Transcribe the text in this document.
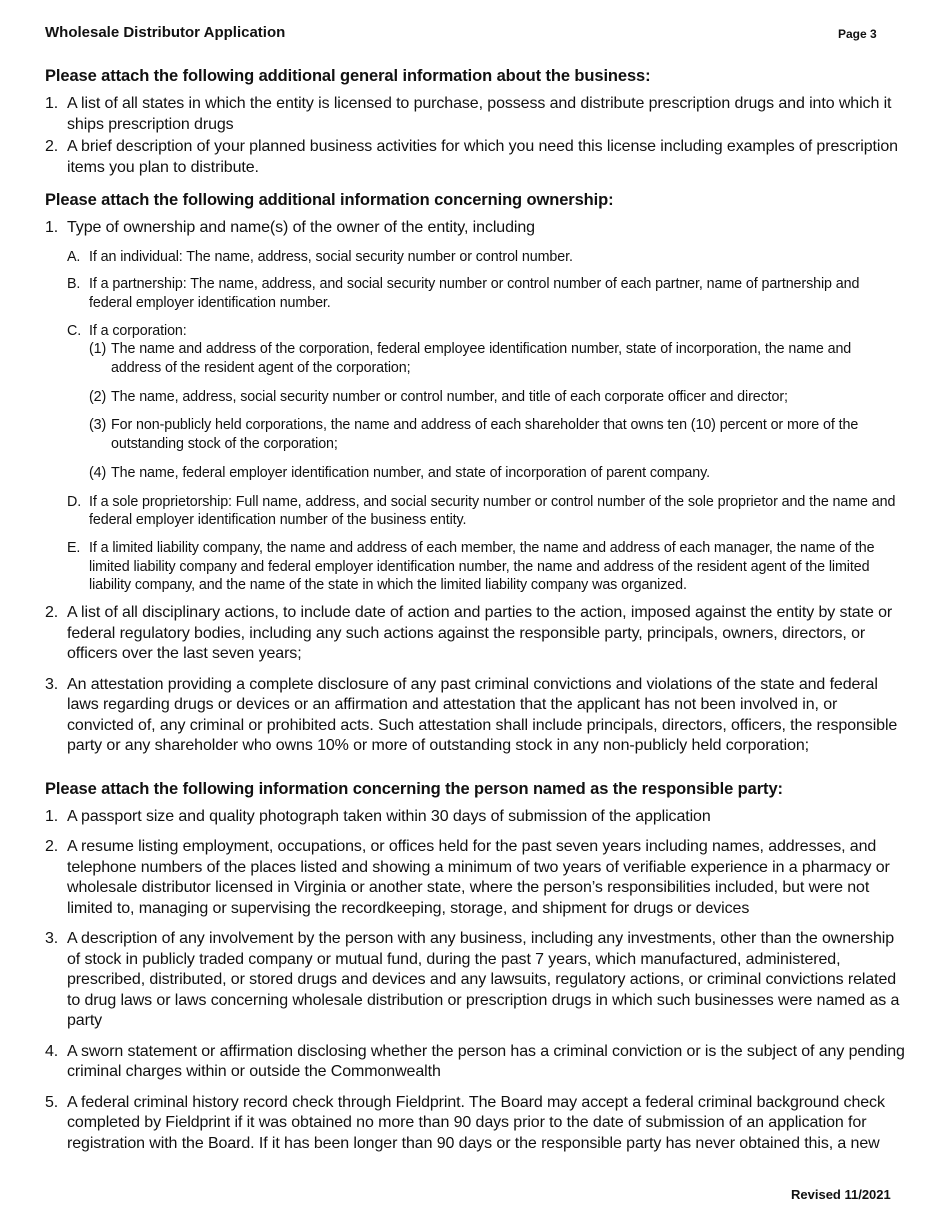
Wholesale Distributor Application	Page 3
Please attach the following additional general information about the business:
1. A list of all states in which the entity is licensed to purchase, possess and distribute prescription drugs and into which it ships prescription drugs
2. A brief description of your planned business activities for which you need this license including examples of prescription items you plan to distribute.
Please attach the following additional information concerning ownership:
1. Type of ownership and name(s) of the owner of the entity, including
A. If an individual: The name, address, social security number or control number.
B. If a partnership: The name, address, and social security number or control number of each partner, name of partnership and federal employer identification number.
C. If a corporation:
(1) The name and address of the corporation, federal employee identification number, state of incorporation, the name and address of the resident agent of the corporation;
(2) The name, address, social security number or control number, and title of each corporate officer and director;
(3) For non-publicly held corporations, the name and address of each shareholder that owns ten (10) percent or more of the outstanding stock of the corporation;
(4) The name, federal employer identification number, and state of incorporation of parent company.
D. If a sole proprietorship: Full name, address, and social security number or control number of the sole proprietor and the name and federal employer identification number of the business entity.
E. If a limited liability company, the name and address of each member, the name and address of each manager, the name of the limited liability company and federal employer identification number, the name and address of the resident agent of the limited liability company, and the name of the state in which the limited liability company was organized.
2. A list of all disciplinary actions, to include date of action and parties to the action, imposed against the entity by state or federal regulatory bodies, including any such actions against the responsible party, principals, owners, directors, or officers over the last seven years;
3. An attestation providing a complete disclosure of any past criminal convictions and violations of the state and federal laws regarding drugs or devices or an affirmation and attestation that the applicant has not been involved in, or convicted of, any criminal or prohibited acts. Such attestation shall include principals, directors, officers, the responsible party or any shareholder who owns 10% or more of outstanding stock in any non-publicly held corporation;
Please attach the following information concerning the person named as the responsible party:
1. A passport size and quality photograph taken within 30 days of submission of the application
2. A resume listing employment, occupations, or offices held for the past seven years including names, addresses, and telephone numbers of the places listed and showing a minimum of two years of verifiable experience in a pharmacy or wholesale distributor licensed in Virginia or another state, where the person’s responsibilities included, but were not limited to, managing or supervising the recordkeeping, storage, and shipment for drugs or devices
3. A description of any involvement by the person with any business, including any investments, other than the ownership of stock in publicly traded company or mutual fund, during the past 7 years, which manufactured, administered, prescribed, distributed, or stored drugs and devices and any lawsuits, regulatory actions, or criminal convictions related to drug laws or laws concerning wholesale distribution or prescription drugs in which such businesses were named as a party
4. A sworn statement or affirmation disclosing whether the person has a criminal conviction or is the subject of any pending criminal charges within or outside the Commonwealth
5. A federal criminal history record check through Fieldprint. The Board may accept a federal criminal background check completed by Fieldprint if it was obtained no more than 90 days prior to the date of submission of an application for registration with the Board. If it has been longer than 90 days or the responsible party has never obtained this, a new
Revised 11/2021
